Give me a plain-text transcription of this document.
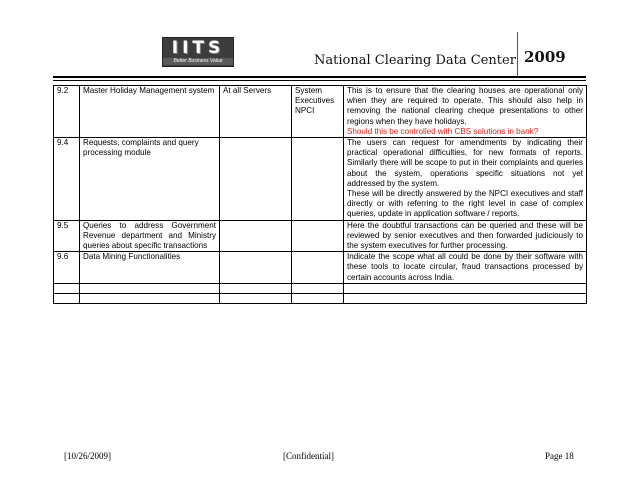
IITS
Better Business Value	National Clearing Data Center 2009
9.2	Master Holiday Management system	At all Servers	System Executives NPCI	This is to ensure that the clearing houses are operational only when they are required to operate. This should also help in removing the national clearing cheque presentations to other regions when they have holidays.
Should this be controlled with CBS solutions in bank?

9.4	Requests, complaints and query processing module			The users can request for amendments by indicating their practical operational difficulties, for new formats of reports. Similarly there will be scope to put in their complaints and queries about the system, operations specific situations not yet addressed by the system.
These will be directly answered by the NPCI executives and staff directly or with referring to the right level in case of complex queries, update in application software / reports.

9.5	Queries to address Government Revenue department and Ministry queries about specific transactions			Here the doubtful transactions can be queried and these will be reviewed by senior executives and then forwarded judiciously to the system executives for further processing.
9.6	Data Mining Functionalities			Indicate the scope what all could be done by their software with these tools to locate circular, fraud transactions processed by certain accounts across India.

[10/26/2009]	[Confidential]	Page 18
